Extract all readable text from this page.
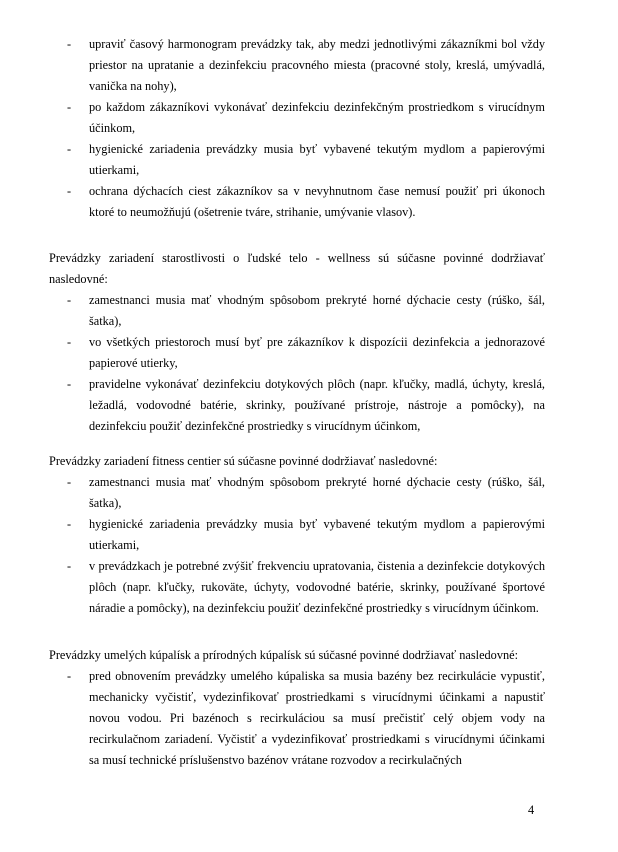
- upraviť časový harmonogram prevádzky tak, aby medzi jednotlivými zákazníkmi bol vždy priestor na upratanie a dezinfekciu pracovného miesta (pracovné stoly, kreslá, umývadlá, vanička na nohy),
- po každom zákazníkovi vykonávať dezinfekciu dezinfekčným prostriedkom s virucídnym účinkom,
- hygienické zariadenia prevádzky musia byť vybavené tekutým mydlom a papierovými utierkami,
- ochrana dýchacích ciest zákazníkov sa v nevyhnutnom čase nemusí použiť pri úkonoch ktoré to neumožňujú (ošetrenie tváre, strihanie, umývanie vlasov).
Prevádzky zariadení starostlivosti o ľudské telo - wellness sú súčasne povinné dodržiavať nasledovné:
- zamestnanci musia mať vhodným spôsobom prekryté horné dýchacie cesty (rúško, šál, šatka),
- vo všetkých priestoroch musí byť pre zákazníkov k dispozícii dezinfekcia a jednorazové papierové utierky,
- pravidelne vykonávať dezinfekciu dotykových plôch (napr. kľučky, madlá, úchyty, kreslá, ležadlá, vodovodné batérie, skrinky, používané prístroje, nástroje a pomôcky), na dezinfekciu použiť dezinfekčné prostriedky s virucídnym účinkom,
Prevádzky zariadení fitness centier sú súčasne povinné dodržiavať nasledovné:
- zamestnanci musia mať vhodným spôsobom prekryté horné dýchacie cesty (rúško, šál, šatka),
- hygienické zariadenia prevádzky musia byť vybavené tekutým mydlom a papierovými utierkami,
- v prevádzkach je potrebné zvýšiť frekvenciu upratovania, čistenia a dezinfekcie dotykových plôch (napr. kľučky, rukoväte, úchyty, vodovodné batérie, skrinky, používané športové náradie a pomôcky), na dezinfekciu použiť dezinfekčné prostriedky s virucídnym účinkom.
Prevádzky umelých kúpalísk a prírodných kúpalísk sú súčasné povinné dodržiavať nasledovné:
- pred obnovením prevádzky umelého kúpaliska sa musia bazény bez recirkulácie vypustiť, mechanicky vyčistiť, vydezinfikovať prostriedkami s virucídnymi účinkami a napustiť novou vodou. Pri bazénoch s recirkuláciou sa musí prečistiť celý objem vody na recirkulačnom zariadení. Vyčistiť a vydezinfikovať prostriedkami s virucídnymi účinkami sa musí technické príslušenstvo bazénov vrátane rozvodov a recirkulačných
4
